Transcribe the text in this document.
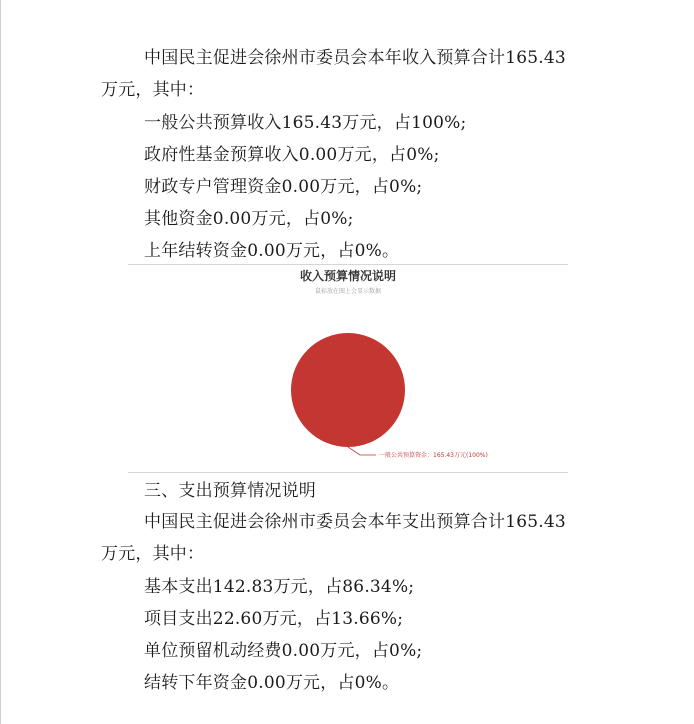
中国民主促进会徐州市委员会本年收入预算合计165.43
万元，其中：
一般公共预算收入165.43万元，占100%;
政府性基金预算收入0.00万元，占0%;
财政专户管理资金0.00万元，占0%;
其他资金0.00万元，占0%;
上年结转资金0.00万元，占0%。
收入预算情况说明
鼠标放在图上会显示数据
一般公共预算资金：165.43万元(100%)
三、支出预算情况说明
中国民主促进会徐州市委员会本年支出预算合计165.43
万元，其中：
基本支出142.83万元，占86.34%;
项目支出22.60万元，占13.66%;
单位预留机动经费0.00万元，占0%;
结转下年资金0.00万元，占0%。
